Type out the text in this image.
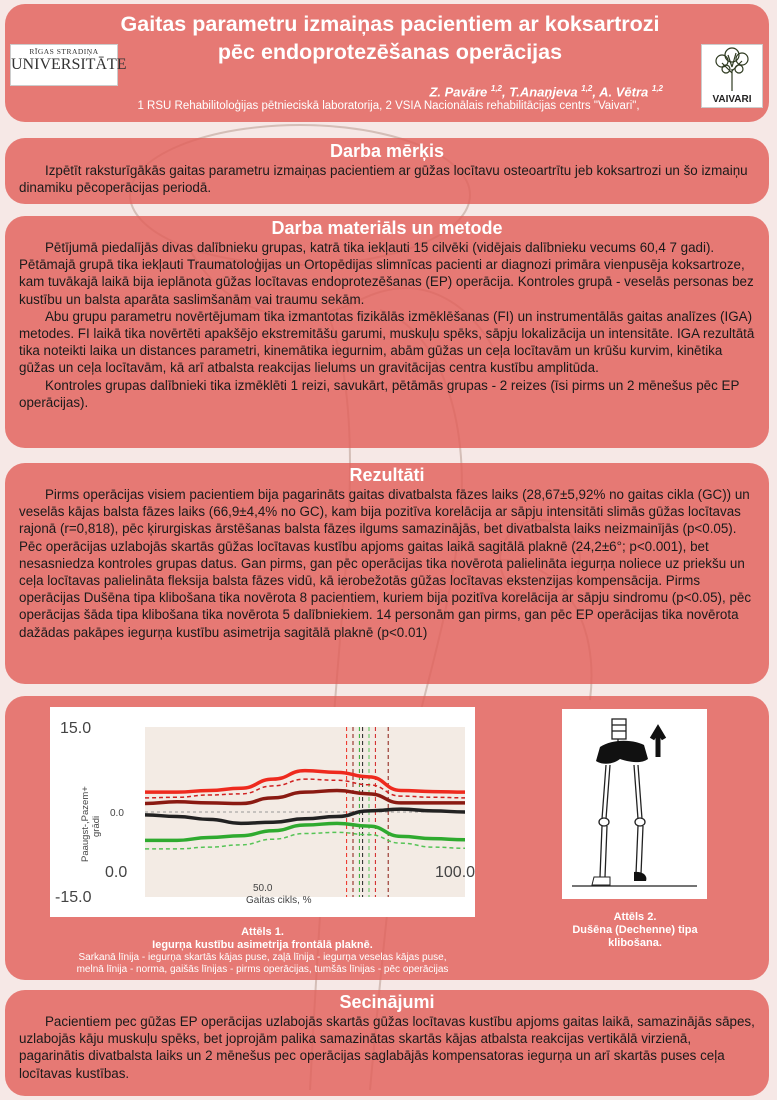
RĪGAS STRADIŅA
UNIVERSITĀTE
Gaitas parametru izmaiņas pacientiem ar koksartrozi
pēc endoprotezēšanas operācijas
Z. Pavāre $^{1,2}$, T.Anaņjeva $^{1,2}$, A. Vētra $^{1,2}$
VAIVARI
1 RSU Rehabilitoloģijas pētnieciskā laboratorija, 2 VSIA Nacionālais rehabilitācijas centrs "Vaivari",
Darba mērķis

Izpētīt raksturīgākās gaitas parametru izmaiņas pacientiem ar gūžas locītavu osteoartrītu jeb koksartrozi un šo izmaiņu dinamiku pēcoperācijas periodā.

Darba materiāls un metode

Pētījumā piedalījās divas dalībnieku grupas, katrā tika iekļauti 15 cilvēki (vidējais dalībnieku vecums 60,4 7 gadi). Pētāmajā grupā tika iekļauti Traumatoloģijas un Ortopēdijas slimnīcas pacienti ar diagnozi primāra vienpusēja koksartroze, kam tuvākajā laikā bija ieplānota gūžas locītavas endoprotezēšanas (EP) operācija. Kontroles grupā - veselās personas bez kustību un balsta aparāta saslimšanām vai traumu sekām.

Abu grupu parametru novērtējumam tika izmantotas fizikālās izmēklēšanas (FI) un instrumentālās gaitas analīzes (IGA) metodes. FI laikā tika novērtēti apakšējo ekstremitāšu garumi, muskuļu spēks, sāpju lokalizācija un intensitāte. IGA rezultātā tika noteikti laika un distances parametri, kinemātika iegurnim, abām gūžas un ceļa locītavām un krūšu kurvim, kinētika gūžas un ceļa locītavām, kā arī atbalsta reakcijas lielums un gravitācijas centra kustību amplitūda.

Kontroles grupas dalībnieki tika izmēklēti 1 reizi, savukārt, pētāmās grupas - 2 reizes (īsi pirms un 2 mēnešus pēc EP operācijas).

Rezultāti

Pirms operācijas visiem pacientiem bija pagarināts gaitas divatbalsta fāzes laiks (28,67±5,92% no gaitas cikla (GC)) un veselās kājas balsta fāzes laiks (66,9±4,4% no GC), kam bija pozitīva korelācija ar sāpju intensitāti slimās gūžas locītavas rajonā (r=0,818), pēc ķirurgiskas ārstēšanas balsta fāzes ilgums samazinājās, bet divatbalsta laiks neizmainījās (p<0.05). Pēc operācijas uzlabojās skartās gūžas locītavas kustību apjoms gaitas laikā sagitālā plaknē (24,2±6°; p<0.001), bet nesasniedza kontroles grupas datus. Gan pirms, gan pēc operācijas tika novērota palielināta iegurņa noliece uz priekšu un ceļa locītavas palielināta fleksija balsta fāzes vidū, kā ierobežotās gūžas locītavas ekstenzijas kompensācija. Pirms operācijas Dušēna tipa klibošana tika novērota 8 pacientiem, kuriem bija pozitīva korelācija ar sāpju sindromu (p<0.05), pēc operācijas šāda tipa klibošana tika novērota 5 dalībniekiem. 14 personām gan pirms, gan pēc EP operācijas tika novērota dažādas pakāpes iegurņa kustību asimetrija sagitālā plaknē (p<0.01)

15.0
0.0
-15.0
0.0
50.0
100.0
Gaitas cikls, %
Paaugst-,Pazem+ grādi
Attēls 1.
Iegurņa kustību asimetrija frontālā plaknē.
Sarkanā līnija - iegurņa skartās kājas puse, zaļā līnija - iegurņa veselas kājas puse,
melnā līnija - norma, gaišās līnijas - pirms operācijas, tumšās līnijas - pēc operācijas
Attēls 2.
Dušēna (Dechenne) tipa
klibošana.
Secinājumi

Pacientiem pec gūžas EP operācijas uzlabojās skartās gūžas locītavas kustību apjoms gaitas laikā, samazinājās sāpes, uzlabojās kāju muskuļu spēks, bet joprojām palika samazinātas skartās kājas atbalsta reakcijas vertikālā virzienā, pagarinātis divatbalsta laiks un 2 mēnešus pec operācijas saglabājās kompensatoras iegurņa un arī skartās puses ceļa locītavas kustības.
